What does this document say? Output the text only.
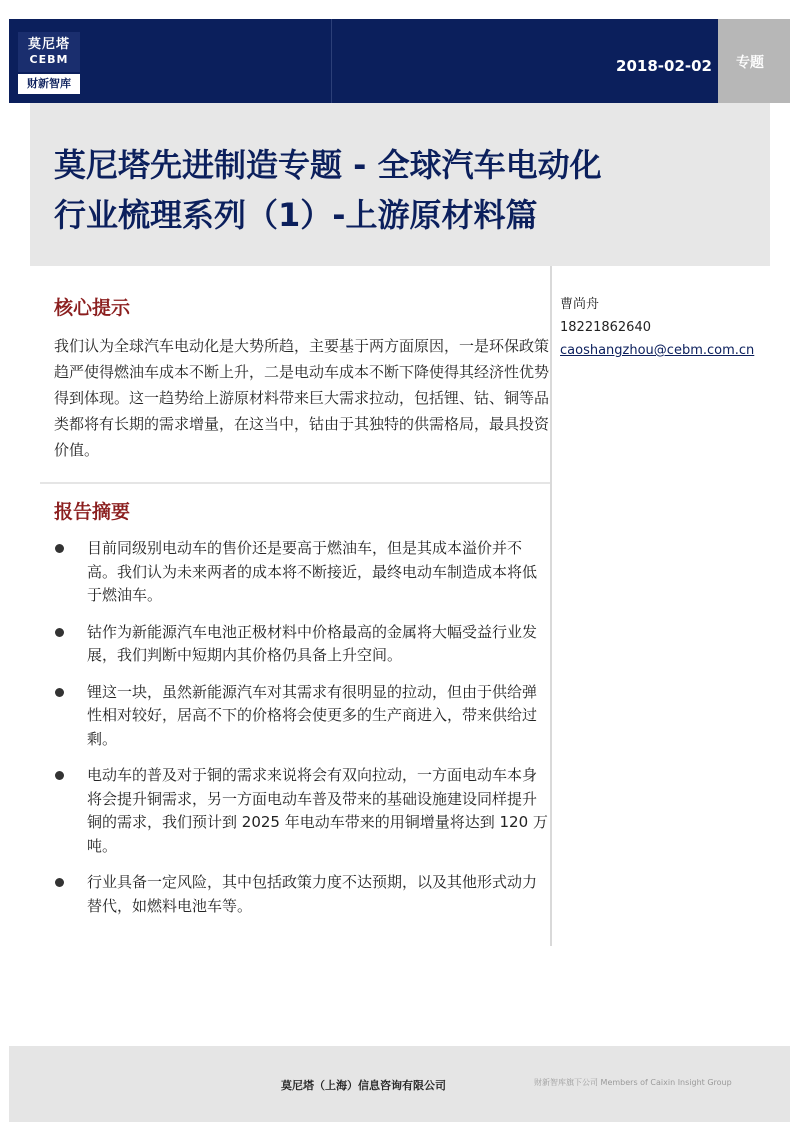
莫尼塔
CEBM
财新智库
2018-02-02	专题
莫尼塔先进制造专题 - 全球汽车电动化
行业梳理系列（1）-上游原材料篇
核心提示
我们认为全球汽车电动化是大势所趋，主要基于两方面原因，一是环保政策趋严使得燃油车成本不断上升，二是电动车成本不断下降使得其经济性优势得到体现。这一趋势给上游原材料带来巨大需求拉动，包括锂、钴、铜等品类都将有长期的需求增量，在这当中，钴由于其独特的供需格局，最具投资价值。
报告摘要
目前同级别电动车的售价还是要高于燃油车，但是其成本溢价并不高。我们认为未来两者的成本将不断接近，最终电动车制造成本将低于燃油车。
钴作为新能源汽车电池正极材料中价格最高的金属将大幅受益行业发展，我们判断中短期内其价格仍具备上升空间。
锂这一块，虽然新能源汽车对其需求有很明显的拉动，但由于供给弹性相对较好，居高不下的价格将会使更多的生产商进入，带来供给过剩。
电动车的普及对于铜的需求来说将会有双向拉动，一方面电动车本身将会提升铜需求，另一方面电动车普及带来的基础设施建设同样提升铜的需求，我们预计到 2025 年电动车带来的用铜增量将达到 120 万吨。
行业具备一定风险，其中包括政策力度不达预期，以及其他形式动力替代，如燃料电池车等。
曹尚舟
18221862640
caoshangzhou@cebm.com.cn
莫尼塔（上海）信息咨询有限公司	财新智库旗下公司 Members of Caixin Insight Group
